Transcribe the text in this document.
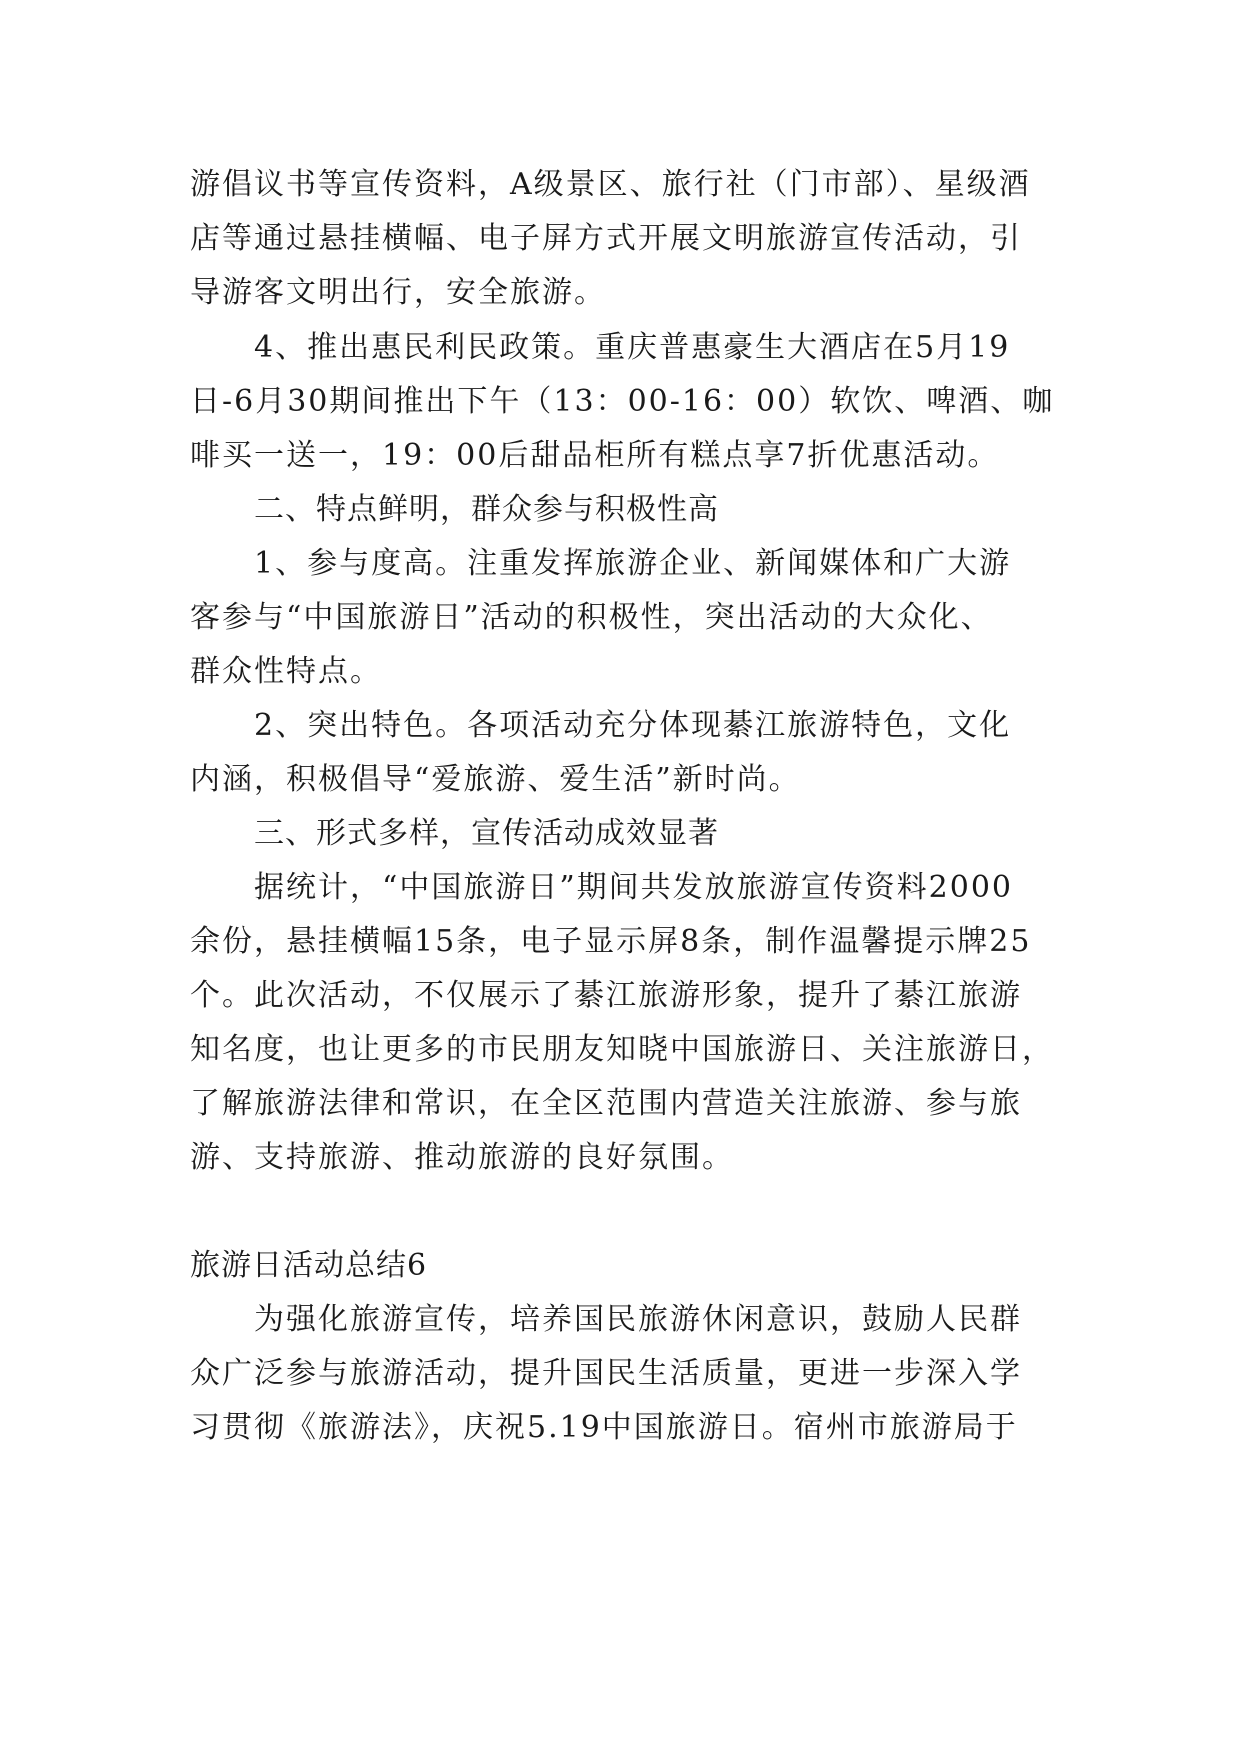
游倡议书等宣传资料，A级景区、旅行社（门市部）、星级酒
店等通过悬挂横幅、电子屏方式开展文明旅游宣传活动，引
导游客文明出行，安全旅游。
4、推出惠民利民政策。重庆普惠豪生大酒店在5月19
日-6月30期间推出下午（13：00-16：00）软饮、啤酒、咖
啡买一送一，19：00后甜品柜所有糕点享7折优惠活动。
二、特点鲜明，群众参与积极性高
1、参与度高。注重发挥旅游企业、新闻媒体和广大游
客参与“中国旅游日”活动的积极性，突出活动的大众化、
群众性特点。
2、突出特色。各项活动充分体现綦江旅游特色，文化
内涵，积极倡导“爱旅游、爱生活”新时尚。
三、形式多样，宣传活动成效显著
据统计，“中国旅游日”期间共发放旅游宣传资料2000
余份，悬挂横幅15条，电子显示屏8条，制作温馨提示牌25
个。此次活动，不仅展示了綦江旅游形象，提升了綦江旅游
知名度，也让更多的市民朋友知晓中国旅游日、关注旅游日，
了解旅游法律和常识，在全区范围内营造关注旅游、参与旅
游、支持旅游、推动旅游的良好氛围。
旅游日活动总结6
为强化旅游宣传，培养国民旅游休闲意识，鼓励人民群
众广泛参与旅游活动，提升国民生活质量，更进一步深入学
习贯彻《旅游法》，庆祝5.19中国旅游日。宿州市旅游局于
